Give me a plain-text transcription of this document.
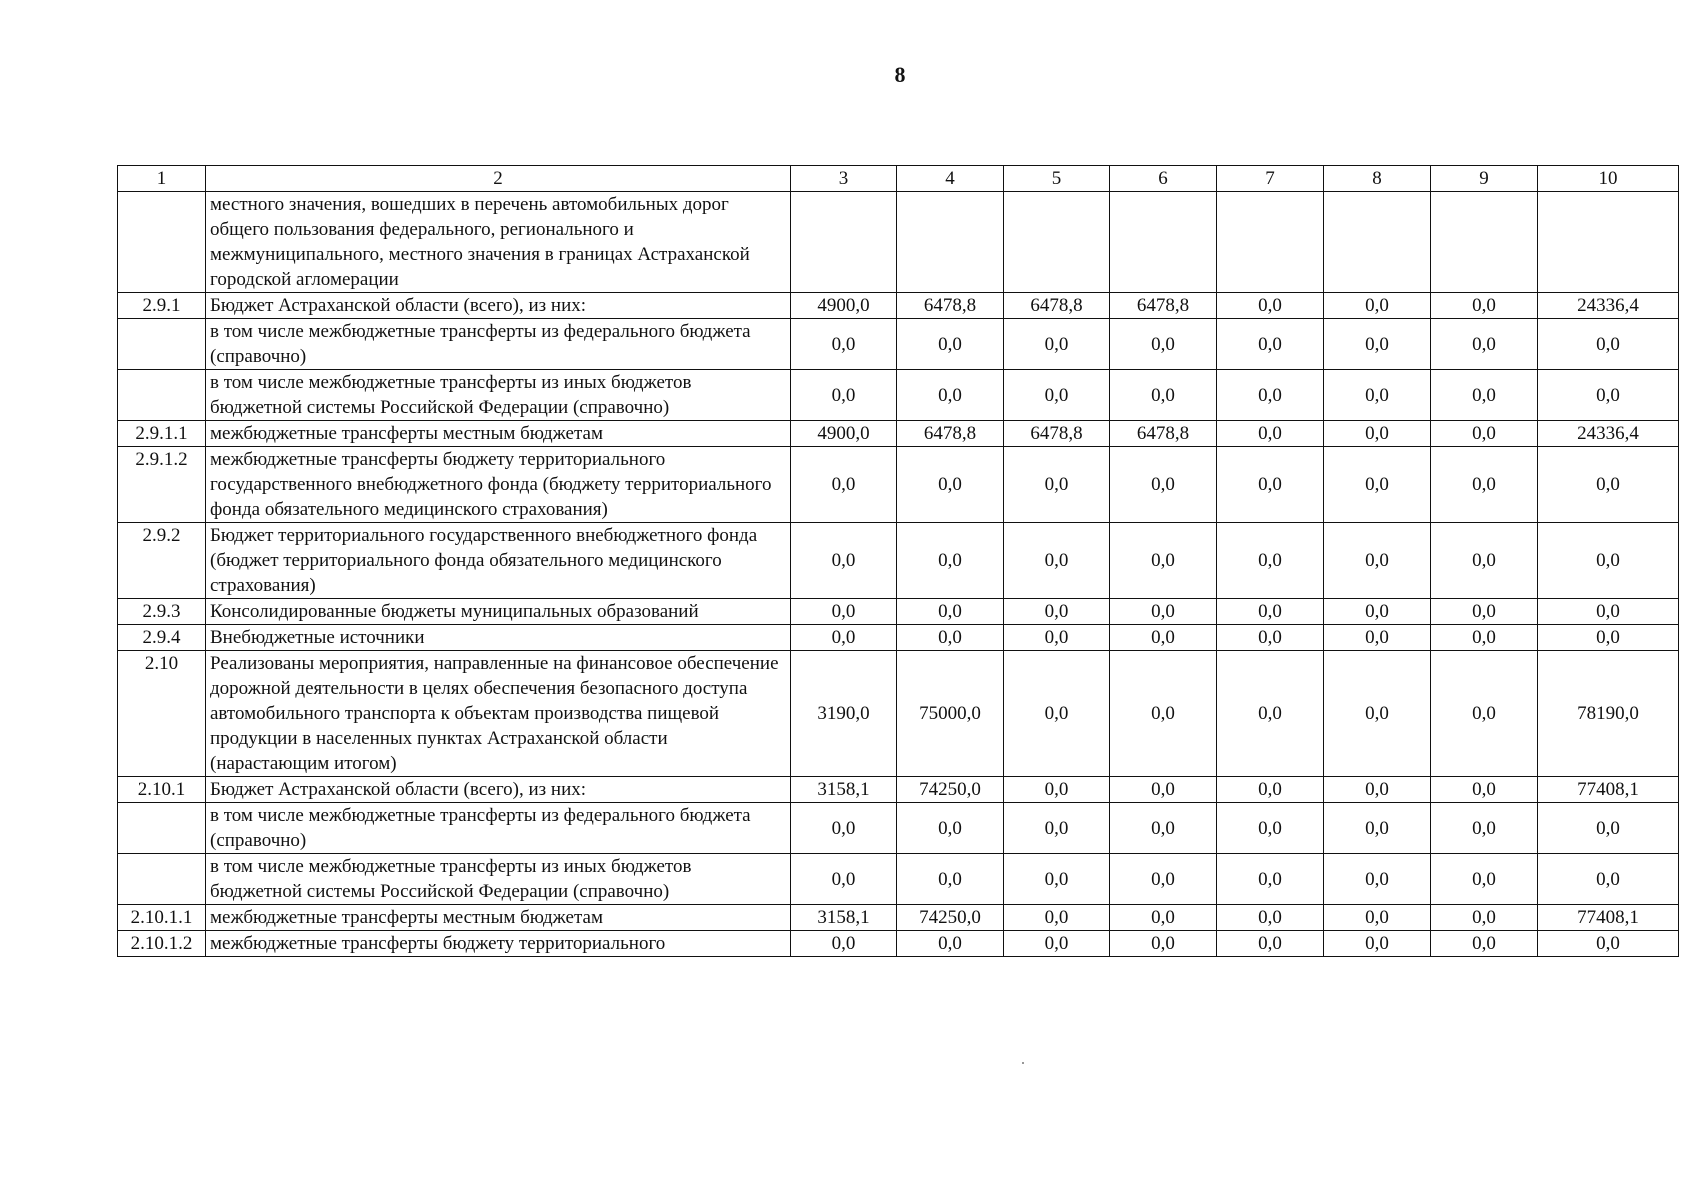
8
1	2	3	4	5	6	7	8	9	10
	местного значения, вошедших в перечень автомобильных дорог общего пользования федерального, регионального и межмуниципального, местного значения в границах Астраханской городской агломерации								
2.9.1	Бюджет Астраханской области (всего), из них:	4900,0	6478,8	6478,8	6478,8	0,0	0,0	0,0	24336,4
	в том числе межбюджетные трансферты из федерального бюджета (справочно)	0,0	0,0	0,0	0,0	0,0	0,0	0,0	0,0
	в том числе межбюджетные трансферты из иных бюджетов бюджетной системы Российской Федерации (справочно)	0,0	0,0	0,0	0,0	0,0	0,0	0,0	0,0
2.9.1.1	межбюджетные трансферты местным бюджетам	4900,0	6478,8	6478,8	6478,8	0,0	0,0	0,0	24336,4
2.9.1.2	межбюджетные трансферты бюджету территориального государственного внебюджетного фонда (бюджету территориального фонда обязательного медицинского страхования)	0,0	0,0	0,0	0,0	0,0	0,0	0,0	0,0
2.9.2	Бюджет территориального государственного внебюджетного фонда (бюджет территориального фонда обязательного медицинского страхования)	0,0	0,0	0,0	0,0	0,0	0,0	0,0	0,0
2.9.3	Консолидированные бюджеты муниципальных образований	0,0	0,0	0,0	0,0	0,0	0,0	0,0	0,0
2.9.4	Внебюджетные источники	0,0	0,0	0,0	0,0	0,0	0,0	0,0	0,0
2.10	Реализованы мероприятия, направленные на финансовое обеспечение дорожной деятельности в целях обеспечения безопасного доступа автомобильного транспорта к объектам производства пищевой продукции в населенных пунктах Астраханской области (нарастающим итогом)	3190,0	75000,0	0,0	0,0	0,0	0,0	0,0	78190,0
2.10.1	Бюджет Астраханской области (всего), из них:	3158,1	74250,0	0,0	0,0	0,0	0,0	0,0	77408,1
	в том числе межбюджетные трансферты из федерального бюджета (справочно)	0,0	0,0	0,0	0,0	0,0	0,0	0,0	0,0
	в том числе межбюджетные трансферты из иных бюджетов бюджетной системы Российской Федерации (справочно)	0,0	0,0	0,0	0,0	0,0	0,0	0,0	0,0
2.10.1.1	межбюджетные трансферты местным бюджетам	3158,1	74250,0	0,0	0,0	0,0	0,0	0,0	77408,1
2.10.1.2	межбюджетные трансферты бюджету территориального	0,0	0,0	0,0	0,0	0,0	0,0	0,0	0,0
